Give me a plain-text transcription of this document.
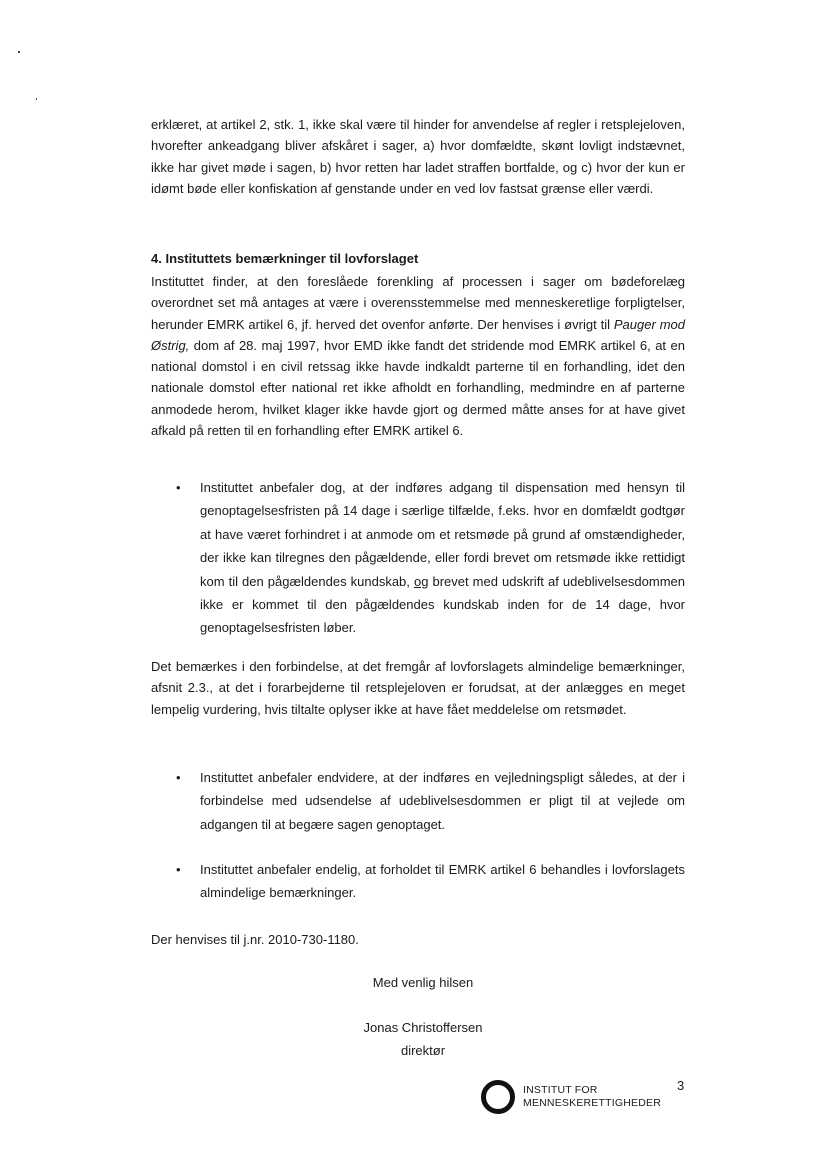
erklæret, at artikel 2, stk. 1, ikke skal være til hinder for anvendelse af regler i retsplejeloven, hvorefter ankeadgang bliver afskåret i sager, a) hvor domfældte, skønt lovligt indstævnet, ikke har givet møde i sagen, b) hvor retten har ladet straffen bortfalde, og c) hvor der kun er idømt bøde eller konfiskation af genstande under en ved lov fastsat grænse eller værdi.

4. Instituttets bemærkninger til lovforslaget

Instituttet finder, at den foreslåede forenkling af processen i sager om bødeforelæg overordnet set må antages at være i overensstemmelse med menneskeretlige forpligtelser, herunder EMRK artikel 6, jf. herved det ovenfor anførte. Der henvises i øvrigt til Pauger mod Østrig, dom af 28. maj 1997, hvor EMD ikke fandt det stridende mod EMRK artikel 6, at en national domstol i en civil retssag ikke havde indkaldt parterne til en forhandling, idet den nationale domstol efter national ret ikke afholdt en forhandling, medmindre en af parterne anmodede herom, hvilket klager ikke havde gjort og dermed måtte anses for at have givet afkald på retten til en forhandling efter EMRK artikel 6.

• Instituttet anbefaler dog, at der indføres adgang til dispensation med hensyn til genoptagelsesfristen på 14 dage i særlige tilfælde, f.eks. hvor en domfældt godtgør at have været forhindret i at anmode om et retsmøde på grund af omstændigheder, der ikke kan tilregnes den pågældende, eller fordi brevet om retsmøde ikke rettidigt kom til den pågældendes kundskab, og brevet med udskrift af udeblivelsesdommen ikke er kommet til den pågældendes kundskab inden for de 14 dage, hvor genoptagelsesfristen løber.

Det bemærkes i den forbindelse, at det fremgår af lovforslagets almindelige bemærkninger, afsnit 2.3., at det i forarbejderne til retsplejeloven er forudsat, at der anlægges en meget lempelig vurdering, hvis tiltalte oplyser ikke at have fået meddelelse om retsmødet.

• Instituttet anbefaler endvidere, at der indføres en vejledningspligt således, at der i forbindelse med udsendelse af udeblivelsesdommen er pligt til at vejlede om adgangen til at begære sagen genoptaget.
• Instituttet anbefaler endelig, at forholdet til EMRK artikel 6 behandles i lovforslagets almindelige bemærkninger.

Der henvises til j.nr. 2010-730-1180.

Med venlig hilsen

Jonas Christoffersen

direktør

INSTITUT FOR
MENNESKERETTIGHEDER
3
